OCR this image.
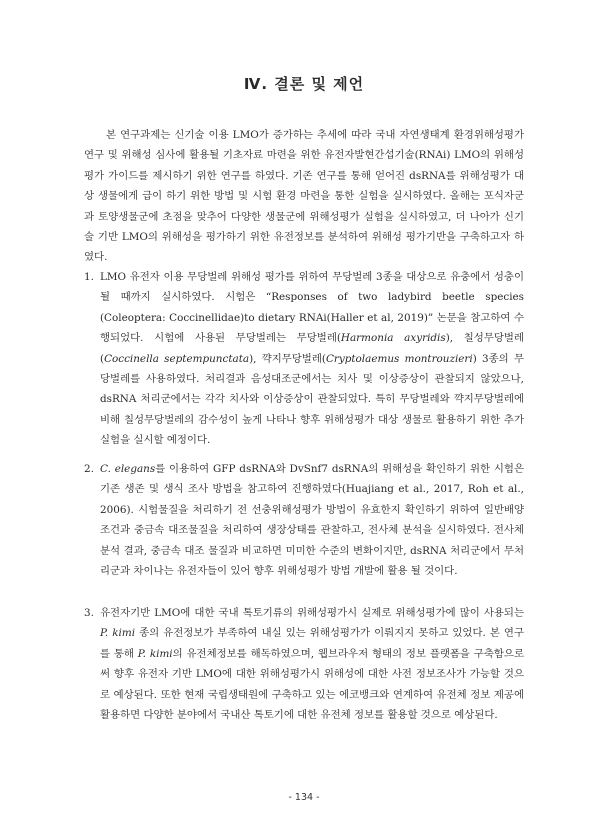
Ⅳ. 결론 및 제언

본 연구과제는 신기술 이용 LMO가 증가하는 추세에 따라 국내 자연생태계 환경위해성평가 연구 및 위해성 심사에 활용될 기초자료 마련을 위한 유전자발현간섭기술(RNAi) LMO의 위해성 평가 가이드를 제시하기 위한 연구를 하였다. 기존 연구를 통해 얻어진 dsRNA를 위해성평가 대상 생물에게 급이 하기 위한 방법 및 시험 환경 마련을 통한 실험을 실시하였다. 올해는 포식자군과 토양생물군에 초점을 맞추어 다양한 생물군에 위해성평가 실험을 실시하였고, 더 나아가 신기술 기반 LMO의 위해성을 평가하기 위한 유전정보를 분석하여 위해성 평가기반을 구축하고자 하였다.

1. LMO 유전자 이용 무당벌레 위해성 평가를 위하여 무당벌레 3종을 대상으로 유충에서 성충이 될 때까지 실시하였다. 시험은 “Responses of two ladybird beetle species (Coleoptera: Coccinellidae)to dietary RNAi(Haller et al, 2019)” 논문을 참고하여 수행되었다. 시험에 사용된 무당벌레는 무당벌레(Harmonia axyridis), 칠성무당벌레(Coccinella septempunctata), 꺅지무당벌레(Cryptolaemus montrouzieri) 3종의 무당벌레를 사용하였다. 처리결과 음성대조군에서는 치사 및 이상증상이 관찰되지 않았으나, dsRNA 처리군에서는 각각 치사와 이상증상이 관찰되었다. 특히 무당벌레와 꺅지무당벌레에 비해 칠성무당벌레의 감수성이 높게 나타나 향후 위해성평가 대상 생물로 활용하기 위한 추가 실험을 실시할 예정이다.
2. C. elegans를 이용하여 GFP dsRNA와 DvSnf7 dsRNA의 위해성을 확인하기 위한 시험은 기존 생존 및 생식 조사 방법을 참고하여 진행하였다(Huajiang et al., 2017, Roh et al., 2006). 시험물질을 처리하기 전 선충위해성평가 방법이 유효한지 확인하기 위하여 일반배양조건과 중금속 대조물질을 처리하여 생장상태를 관찰하고, 전사체 분석을 실시하였다. 전사체 분석 결과, 중금속 대조 물질과 비교하면 미미한 수준의 변화이지만, dsRNA 처리군에서 무처리군과 차이나는 유전자들이 있어 향후 위해성평가 방법 개발에 활용 될 것이다.
3. 유전자기반 LMO에 대한 국내 톡토기류의 위해성평가시 실제로 위해성평가에 많이 사용되는 P. kimi 종의 유전정보가 부족하여 내실 있는 위해성평가가 이뤄지지 못하고 있었다. 본 연구를 통해 P. kimi의 유전체정보를 해독하였으며, 웹브라우저 형태의 정보 플랫폼을 구축함으로써 향후 유전자 기반 LMO에 대한 위해성평가시 위해성에 대한 사전 정보조사가 가능할 것으로 예상된다. 또한 현재 국립생태원에 구축하고 있는 에코뱅크와 연계하여 유전체 정보 제공에 활용하면 다양한 분야에서 국내산 톡토기에 대한 유전체 정보를 활용할 것으로 예상된다.
- 134 -
